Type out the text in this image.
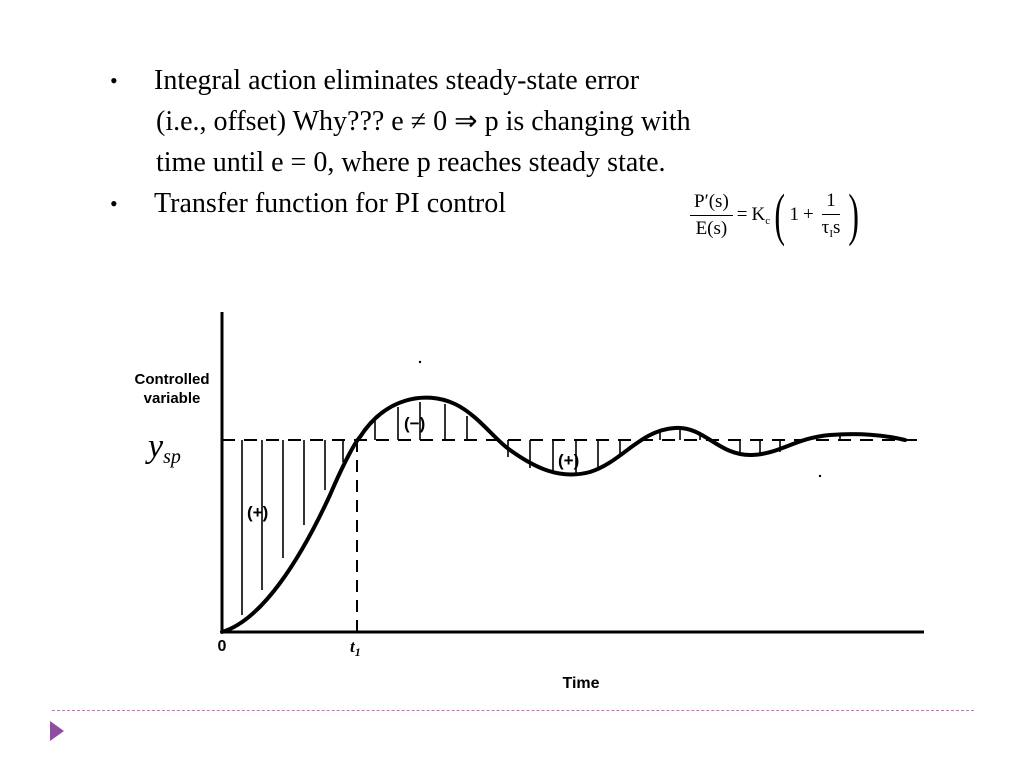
• Integral action eliminates steady-state error
(i.e., offset) Why??? e ≠ 0 ⇒ p is changing with
time until e = 0, where p reaches steady state.
• Transfer function for PI control	$\frac{P'(s)}{E(s)} = K_c$ ( $1 + \frac{1}{\tau_Is}$ )
(+)
(−)
(+)
Controlled
variable
Time
0	$t_1$
$y_{sp}$
